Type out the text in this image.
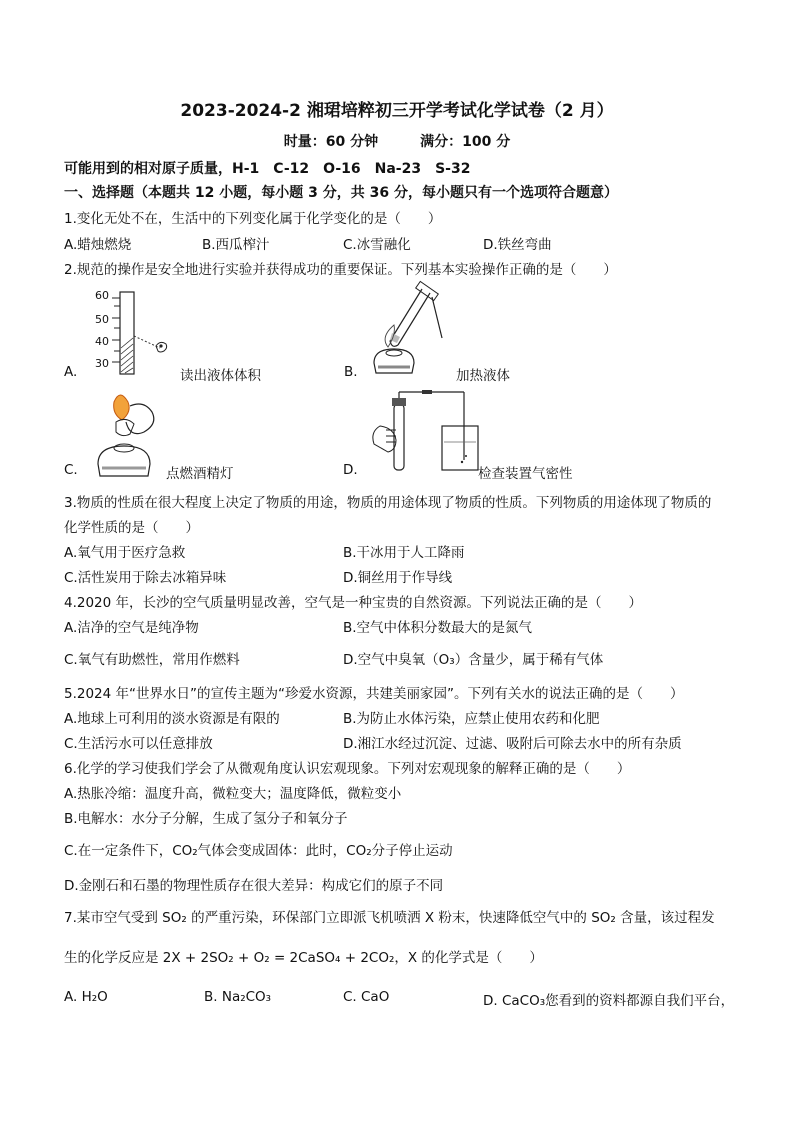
2023-2024-2 湘珺培粹初三开学考试化学试卷（2 月）
时量：60 分钟	满分：100 分
可能用到的相对原子质量，H-1　C-12　O-16　Na-23　S-32
一、选择题（本题共 12 小题，每小题 3 分，共 36 分，每小题只有一个选项符合题意）
1.变化无处不在，生活中的下列变化属于化学变化的是（　　）
A.蜡烛燃烧	B.西瓜榨汁	C.冰雪融化	D.铁丝弯曲
2.规范的操作是安全地进行实验并获得成功的重要保证。下列基本实验操作正确的是（　　）
A.
60
50
40
30
读出液体体积	B.	加热液体
C.	点燃酒精灯	D.	检查装置气密性
3.物质的性质在很大程度上决定了物质的用途，物质的用途体现了物质的性质。下列物质的用途体现了物质的
化学性质的是（　　）
A.氧气用于医疗急救	B.干冰用于人工降雨
C.活性炭用于除去冰箱异味	D.铜丝用于作导线
4.2020 年，长沙的空气质量明显改善，空气是一种宝贵的自然资源。下列说法正确的是（　　）
A.洁净的空气是纯净物	B.空气中体积分数最大的是氮气
C.氧气有助燃性，常用作燃料	D.空气中臭氧（O₃）含量少，属于稀有气体
5.2024 年“世界水日”的宣传主题为“珍爱水资源，共建美丽家园”。下列有关水的说法正确的是（　　）
A.地球上可利用的淡水资源是有限的	B.为防止水体污染，应禁止使用农药和化肥
C.生活污水可以任意排放	D.湘江水经过沉淀、过滤、吸附后可除去水中的所有杂质
6.化学的学习使我们学会了从微观角度认识宏观现象。下列对宏观现象的解释正确的是（　　）
A.热胀冷缩：温度升高，微粒变大；温度降低，微粒变小
B.电解水：水分子分解，生成了氢分子和氧分子
C.在一定条件下，CO₂气体会变成固体：此时，CO₂分子停止运动
D.金刚石和石墨的物理性质存在很大差异：构成它们的原子不同
7.某市空气受到 SO₂ 的严重污染，环保部门立即派飞机喷洒 X 粉末，快速降低空气中的 SO₂ 含量，该过程发
生的化学反应是 2X + 2SO₂ + O₂ = 2CaSO₄ + 2CO₂，X 的化学式是（　　）
A. H₂O	B. Na₂CO₃	C. CaO	D. CaCO₃您看到的资料都源自我们平台，
